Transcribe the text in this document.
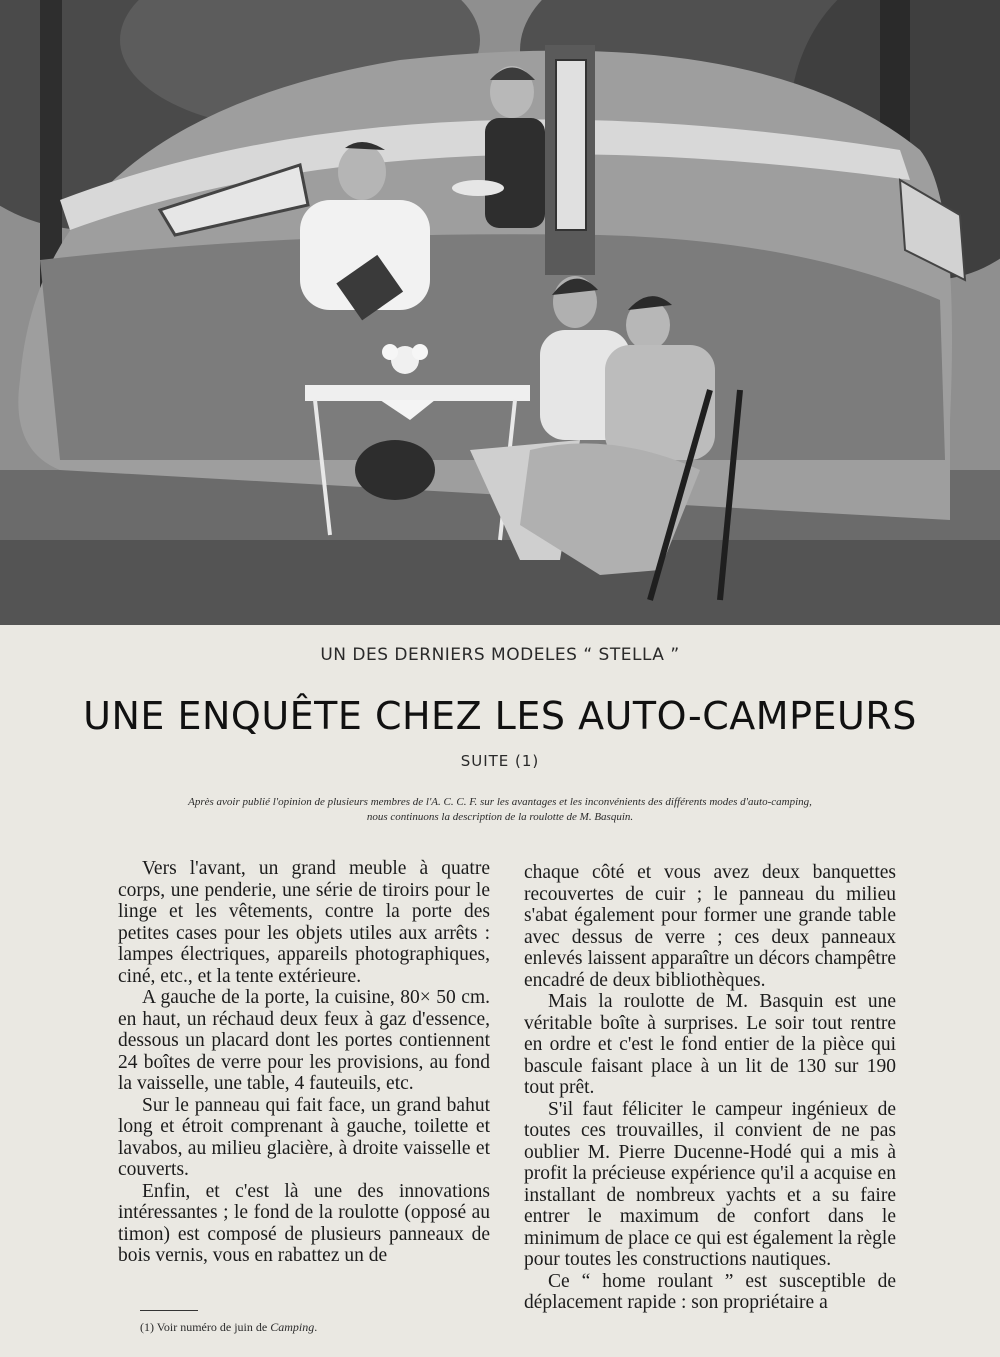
UN DES DERNIERS MODELES “ STELLA ”
UNE ENQUÊTE CHEZ LES AUTO-CAMPEURS
SUITE (1)
Après avoir publié l'opinion de plusieurs membres de l'A. C. C. F. sur les avantages et les inconvénients des différents modes d'auto-camping,
nous continuons la description de la roulotte de M. Basquin.

Vers l'avant, un grand meuble à quatre corps, une penderie, une série de tiroirs pour le linge et les vêtements, contre la porte des petites cases pour les objets utiles aux arrêts : lampes électriques, appareils photographiques, ciné, etc., et la tente extérieure.

A gauche de la porte, la cuisine, 80× 50 cm. en haut, un réchaud deux feux à gaz d'essence, dessous un placard dont les portes contiennent 24 boîtes de verre pour les provisions, au fond la vaisselle, une table, 4 fauteuils, etc.

Sur le panneau qui fait face, un grand bahut long et étroit comprenant à gauche, toilette et lavabos, au milieu glacière, à droite vaisselle et couverts.

Enfin, et c'est là une des innovations intéressantes ; le fond de la roulotte (opposé au timon) est composé de plusieurs panneaux de bois vernis, vous en rabattez un de

chaque côté et vous avez deux banquettes recouvertes de cuir ; le panneau du milieu s'abat également pour former une grande table avec dessus de verre ; ces deux panneaux enlevés laissent apparaître un décors champêtre encadré de deux bibliothèques.

Mais la roulotte de M. Basquin est une véritable boîte à surprises. Le soir tout rentre en ordre et c'est le fond entier de la pièce qui bascule faisant place à un lit de 130 sur 190 tout prêt.

S'il faut féliciter le campeur ingénieux de toutes ces trouvailles, il convient de ne pas oublier M. Pierre Ducenne-Hodé qui a mis à profit la précieuse expérience qu'il a acquise en installant de nombreux yachts et a su faire entrer le maximum de confort dans le minimum de place ce qui est également la règle pour toutes les constructions nautiques.

Ce “ home roulant ” est susceptible de déplacement rapide : son propriétaire a

(1) Voir numéro de juin de Camping.
